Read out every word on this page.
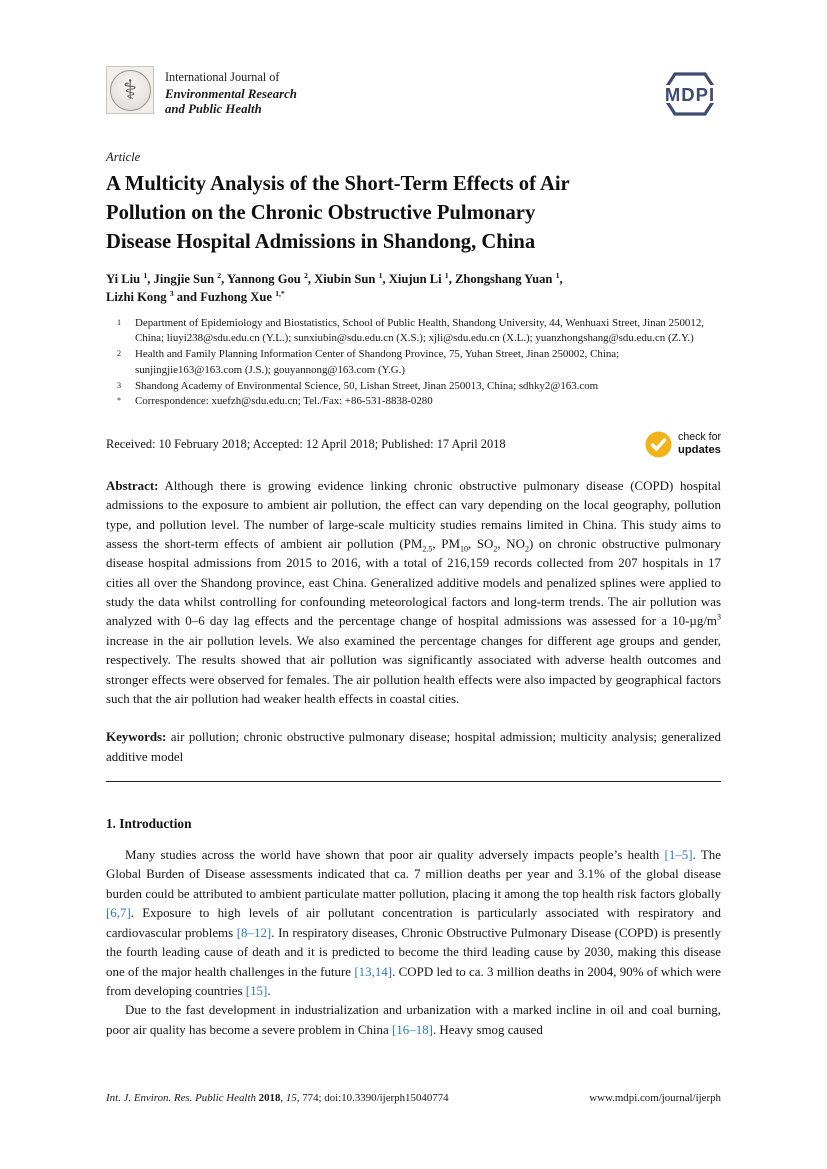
⚕	International Journal of
Environmental Research
and Public Health
MDPI
Article
A Multicity Analysis of the Short-Term Effects of Air
Pollution on the Chronic Obstructive Pulmonary
Disease Hospital Admissions in Shandong, China
Yi Liu $^1$, Jingjie Sun $^2$, Yannong Gou $^2$, Xiubin Sun $^1$, Xiujun Li $^1$, Zhongshang Yuan $^1$,
Lizhi Kong $^3$ and Fuzhong Xue $^{1,*}$
1	Department of Epidemiology and Biostatistics, School of Public Health, Shandong University, 44, Wenhuaxi Street, Jinan 250012, China; liuyi238@sdu.edu.cn (Y.L.); sunxiubin@sdu.edu.cn (X.S.); xjli@sdu.edu.cn (X.L.); yuanzhongshang@sdu.edu.cn (Z.Y.)
2	Health and Family Planning Information Center of Shandong Province, 75, Yuhan Street, Jinan 250002, China; sunjingjie163@163.com (J.S.); gouyannong@163.com (Y.G.)
3	Shandong Academy of Environmental Science, 50, Lishan Street, Jinan 250013, China; sdhky2@163.com
*	Correspondence: xuefzh@sdu.edu.cn; Tel./Fax: +86-531-8838-0280
Received: 10 February 2018; Accepted: 12 April 2018; Published: 17 April 2018	check for
updates

Abstract: Although there is growing evidence linking chronic obstructive pulmonary disease (COPD) hospital admissions to the exposure to ambient air pollution, the effect can vary depending on the local geography, pollution type, and pollution level. The number of large-scale multicity studies remains limited in China. This study aims to assess the short-term effects of ambient air pollution ($PM_{2.5}$, $PM_{10}$, $SO_2$, $NO_2$) on chronic obstructive pulmonary disease hospital admissions from 2015 to 2016, with a total of 216,159 records collected from 207 hospitals in 17 cities all over the Shandong province, east China. Generalized additive models and penalized splines were applied to study the data whilst controlling for confounding meteorological factors and long-term trends. The air pollution was analyzed with 0–6 day lag effects and the percentage change of hospital admissions was assessed for a $10-\mu g/m^3$ increase in the air pollution levels. We also examined the percentage changes for different age groups and gender, respectively. The results showed that air pollution was significantly associated with adverse health outcomes and stronger effects were observed for females. The air pollution health effects were also impacted by geographical factors such that the air pollution had weaker health effects in coastal cities.

Keywords: air pollution; chronic obstructive pulmonary disease; hospital admission; multicity analysis; generalized additive model

1. Introduction

Many studies across the world have shown that poor air quality adversely impacts people’s health [1–5]. The Global Burden of Disease assessments indicated that ca. 7 million deaths per year and 3.1% of the global disease burden could be attributed to ambient particulate matter pollution, placing it among the top health risk factors globally [6,7]. Exposure to high levels of air pollutant concentration is particularly associated with respiratory and cardiovascular problems [8–12]. In respiratory diseases, Chronic Obstructive Pulmonary Disease (COPD) is presently the fourth leading cause of death and it is predicted to become the third leading cause by 2030, making this disease one of the major health challenges in the future [13,14]. COPD led to ca. 3 million deaths in 2004, 90% of which were from developing countries [15].

Due to the fast development in industrialization and urbanization with a marked incline in oil and coal burning, poor air quality has become a severe problem in China [16–18]. Heavy smog caused

Int. J. Environ. Res. Public Health 2018, 15, 774; doi:10.3390/ijerph15040774	www.mdpi.com/journal/ijerph
